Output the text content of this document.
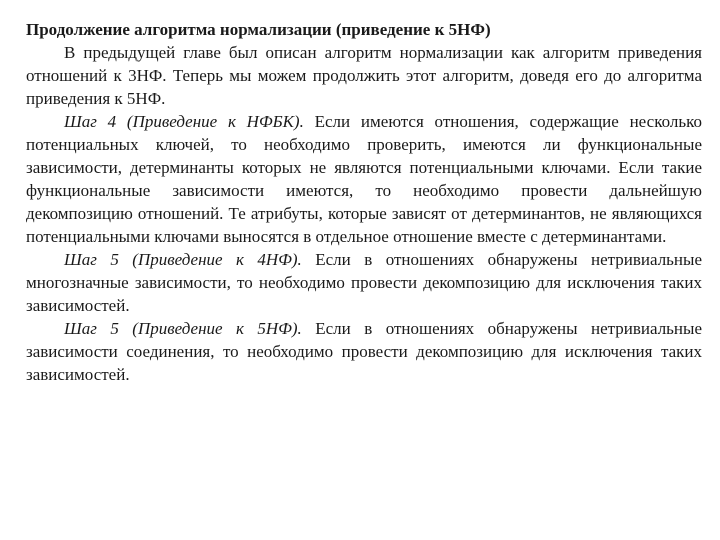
Продолжение алгоритма нормализации (приведение к 5НФ)

В предыдущей главе был описан алгоритм нормализации как алгоритм приведения отношений к 3НФ. Теперь мы можем продолжить этот алгоритм, доведя его до алгоритма приведения к 5НФ.

Шаг 4 (Приведение к НФБК). Если имеются отношения, содержащие несколько потенциальных ключей, то необходимо проверить, имеются ли функциональные зависимости, детерминанты которых не являются потенциальными ключами. Если такие функциональные зависимости имеются, то необходимо провести дальнейшую декомпозицию отношений. Те атрибуты, которые зависят от детерминантов, не являющихся потенциальными ключами выносятся в отдельное отношение вместе с детерминантами.

Шаг 5 (Приведение к 4НФ). Если в отношениях обнаружены нетривиальные многозначные зависимости, то необходимо провести декомпозицию для исключения таких зависимостей.

Шаг 5 (Приведение к 5НФ). Если в отношениях обнаружены нетривиальные зависимости соединения, то необходимо провести декомпозицию для исключения таких зависимостей.
